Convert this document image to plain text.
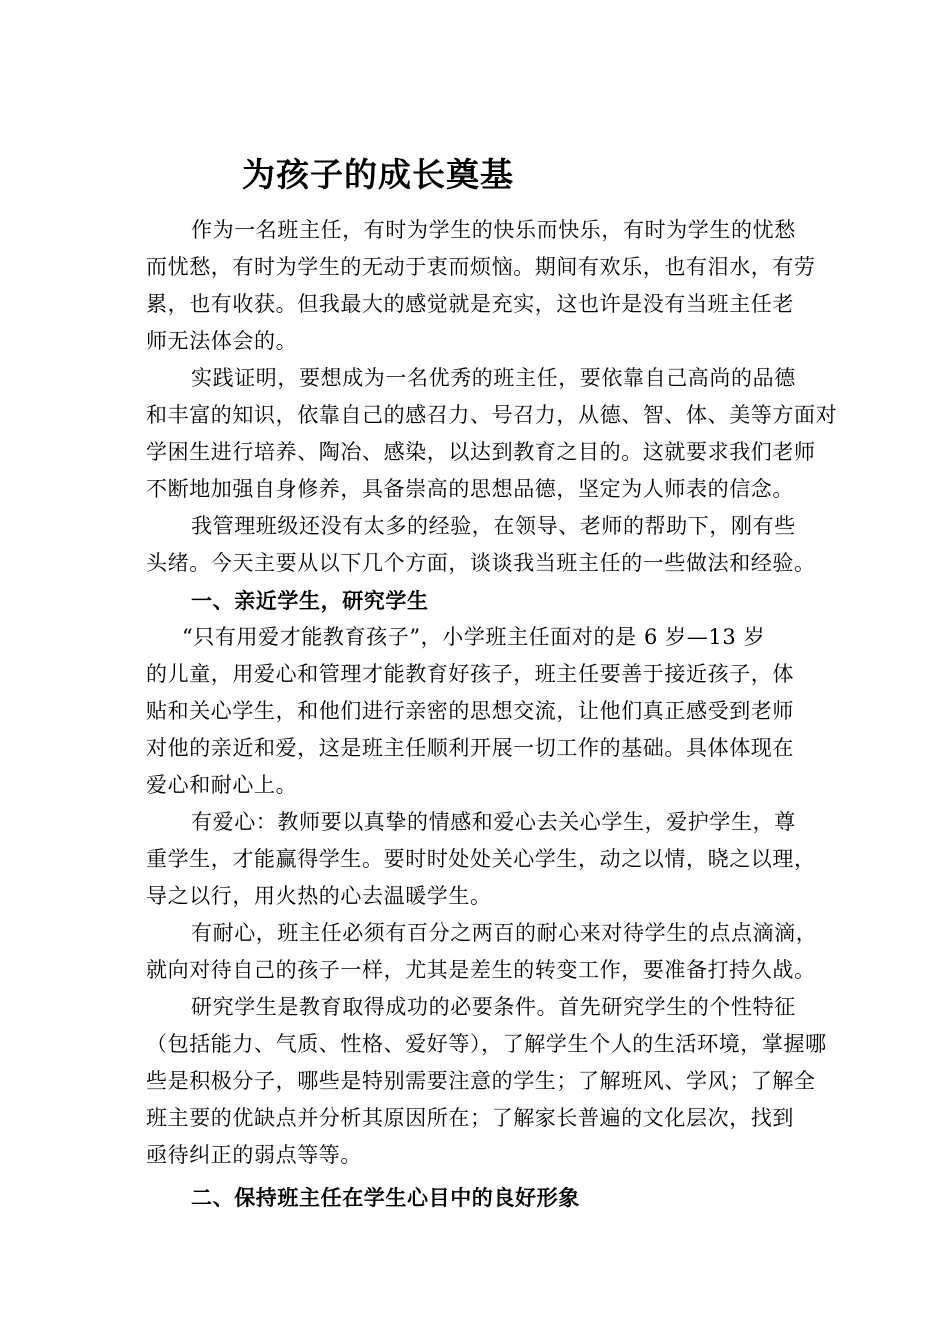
为孩子的成长奠基
作为一名班主任，有时为学生的快乐而快乐，有时为学生的忧愁
而忧愁，有时为学生的无动于衷而烦恼。期间有欢乐，也有泪水，有劳
累，也有收获。但我最大的感觉就是充实，这也许是没有当班主任老
师无法体会的。
实践证明，要想成为一名优秀的班主任，要依靠自己高尚的品德
和丰富的知识，依靠自己的感召力、号召力，从德、智、体、美等方面对
学困生进行培养、陶冶、感染，以达到教育之目的。这就要求我们老师
不断地加强自身修养，具备崇高的思想品德，坚定为人师表的信念。
我管理班级还没有太多的经验，在领导、老师的帮助下，刚有些
头绪。今天主要从以下几个方面，谈谈我当班主任的一些做法和经验。
一、亲近学生，研究学生
“只有用爱才能教育孩子”，小学班主任面对的是 6 岁—13 岁
的儿童，用爱心和管理才能教育好孩子，班主任要善于接近孩子，体
贴和关心学生，和他们进行亲密的思想交流，让他们真正感受到老师
对他的亲近和爱，这是班主任顺利开展一切工作的基础。具体体现在
爱心和耐心上。
有爱心：教师要以真挚的情感和爱心去关心学生，爱护学生，尊
重学生，才能赢得学生。要时时处处关心学生，动之以情，晓之以理，
导之以行，用火热的心去温暖学生。
有耐心，班主任必须有百分之两百的耐心来对待学生的点点滴滴，
就向对待自己的孩子一样，尤其是差生的转变工作，要准备打持久战。
研究学生是教育取得成功的必要条件。首先研究学生的个性特征
（包括能力、气质、性格、爱好等），了解学生个人的生活环境，掌握哪
些是积极分子，哪些是特别需要注意的学生；了解班风、学风；了解全
班主要的优缺点并分析其原因所在；了解家长普遍的文化层次，找到
亟待纠正的弱点等等。
二、保持班主任在学生心目中的良好形象
